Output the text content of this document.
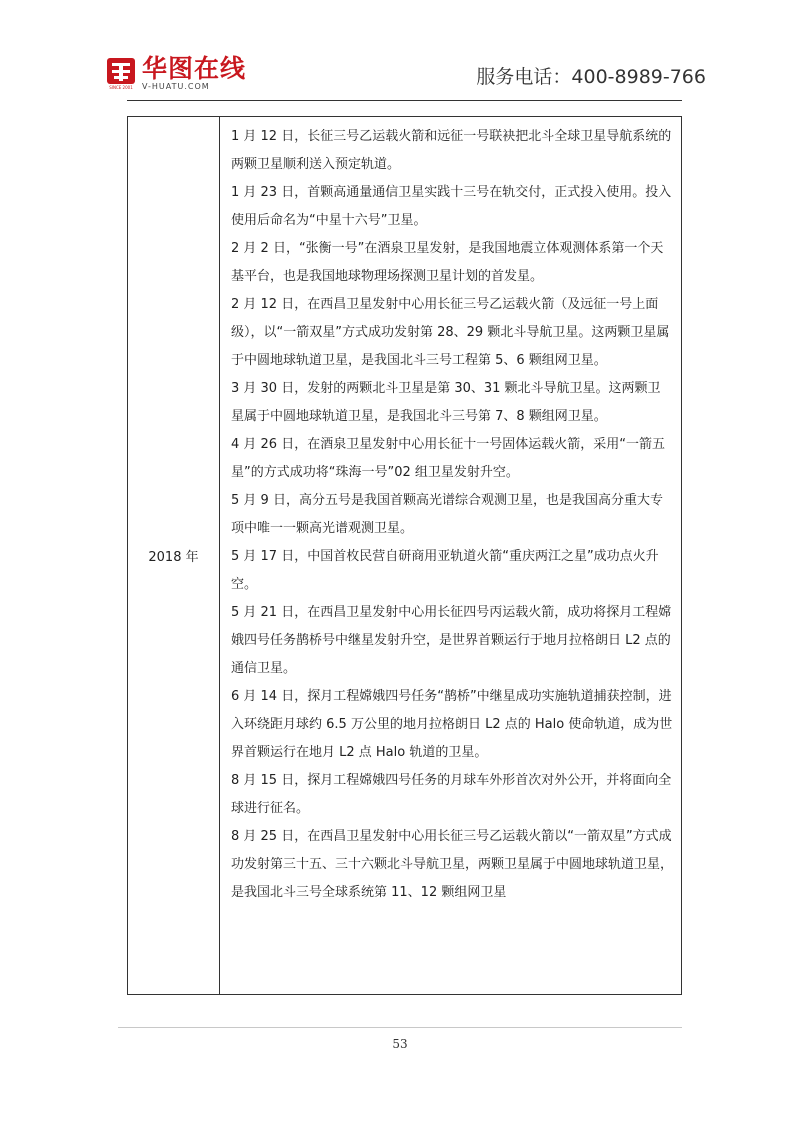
SINCE 2001
华图在线
V-HUATU.COM	服务电话：400-8989-766
2018 年
1 月 12 日，长征三号乙运载火箭和远征一号联袂把北斗全球卫星导航系统的两颗卫星顺利送入预定轨道。
1 月 23 日，首颗高通量通信卫星实践十三号在轨交付，正式投入使用。投入使用后命名为“中星十六号”卫星。
2 月 2 日，“张衡一号”在酒泉卫星发射，是我国地震立体观测体系第一个天基平台，也是我国地球物理场探测卫星计划的首发星。
2 月 12 日，在西昌卫星发射中心用长征三号乙运载火箭（及远征一号上面级），以“一箭双星”方式成功发射第 28、29 颗北斗导航卫星。这两颗卫星属于中圆地球轨道卫星，是我国北斗三号工程第 5、6 颗组网卫星。
3 月 30 日，发射的两颗北斗卫星是第 30、31 颗北斗导航卫星。这两颗卫星属于中圆地球轨道卫星，是我国北斗三号第 7、8 颗组网卫星。
4 月 26 日，在酒泉卫星发射中心用长征十一号固体运载火箭，采用“一箭五星”的方式成功将“珠海一号”02 组卫星发射升空。
5 月 9 日，高分五号是我国首颗高光谱综合观测卫星，也是我国高分重大专项中唯一一颗高光谱观测卫星。
5 月 17 日，中国首枚民营自研商用亚轨道火箭“重庆两江之星”成功点火升空。
5 月 21 日，在西昌卫星发射中心用长征四号丙运载火箭，成功将探月工程嫦娥四号任务鹊桥号中继星发射升空，是世界首颗运行于地月拉格朗日 L2 点的通信卫星。
6 月 14 日，探月工程嫦娥四号任务“鹊桥”中继星成功实施轨道捕获控制，进入环绕距月球约 6.5 万公里的地月拉格朗日 L2 点的 Halo 使命轨道，成为世界首颗运行在地月 L2 点 Halo 轨道的卫星。
8 月 15 日，探月工程嫦娥四号任务的月球车外形首次对外公开，并将面向全球进行征名。
8 月 25 日，在西昌卫星发射中心用长征三号乙运载火箭以“一箭双星”方式成功发射第三十五、三十六颗北斗导航卫星，两颗卫星属于中圆地球轨道卫星，是我国北斗三号全球系统第 11、12 颗组网卫星
53
